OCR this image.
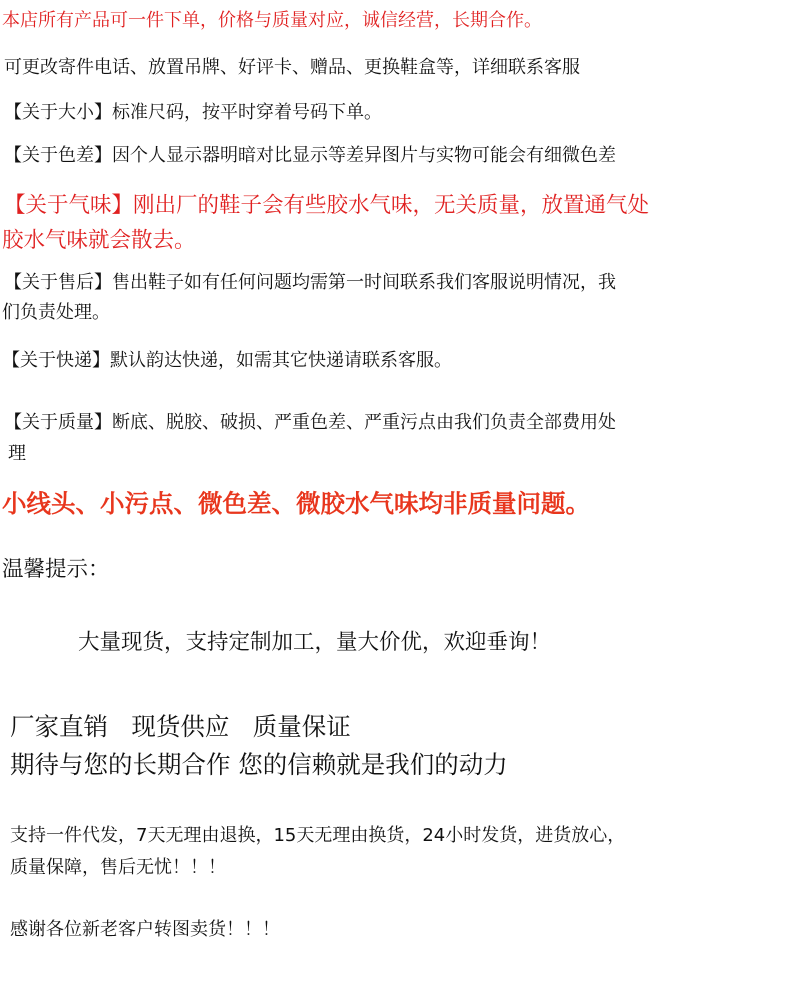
本店所有产品可一件下单，价格与质量对应，诚信经营，长期合作。
可更改寄件电话、放置吊牌、好评卡、赠品、更换鞋盒等，详细联系客服
【关于大小】标准尺码，按平时穿着号码下单。
【关于色差】因个人显示器明暗对比显示等差异图片与实物可能会有细微色差
【关于气味】刚出厂的鞋子会有些胶水气味，无关质量，放置通气处
胶水气味就会散去。
【关于售后】售出鞋子如有任何问题均需第一时间联系我们客服说明情况，我
们负责处理。
【关于快递】默认韵达快递，如需其它快递请联系客服。
【关于质量】断底、脱胶、破损、严重色差、严重污点由我们负责全部费用处
理
小线头、小污点、微色差、微胶水气味均非质量问题。
温馨提示：
大量现货，支持定制加工，量大价优，欢迎垂询！
厂家直销   现货供应   质量保证
期待与您的长期合作 您的信赖就是我们的动力
支持一件代发，7天无理由退换，15天无理由换货，24小时发货，进货放心，
质量保障，售后无忧！！！
感谢各位新老客户转图卖货！！！
